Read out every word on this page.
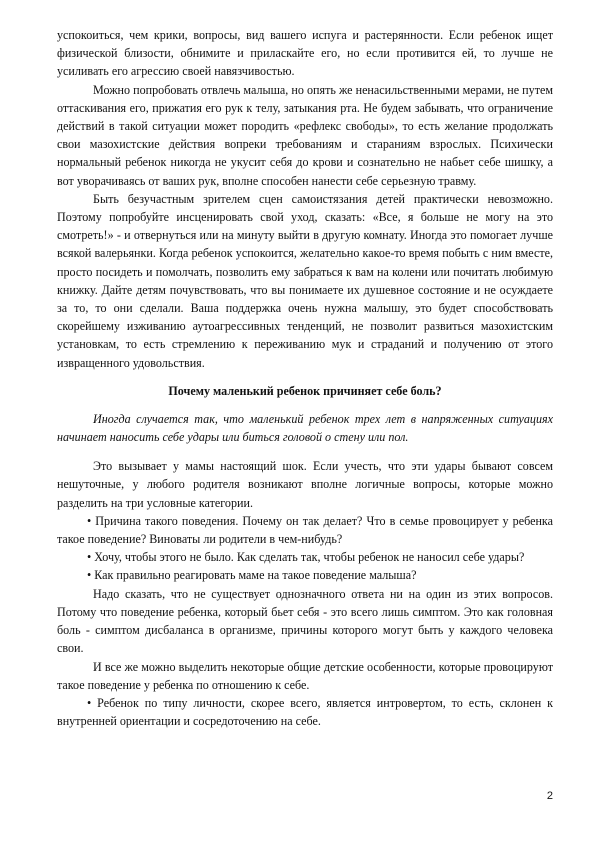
успокоиться, чем крики, вопросы, вид вашего испуга и растерянности. Если ребенок ищет физической близости, обнимите и приласкайте его, но если противится ей, то лучше не усиливать его агрессию своей навязчивостью.

Можно попробовать отвлечь малыша, но опять же ненасильственными мерами, не путем оттаскивания его, прижатия его рук к телу, затыкания рта. Не будем забывать, что ограничение действий в такой ситуации может породить «рефлекс свободы», то есть желание продолжать свои мазохистские действия вопреки требованиям и стараниям взрослых. Психически нормальный ребенок никогда не укусит себя до крови и сознательно не набьет себе шишку, а вот уворачиваясь от ваших рук, вполне способен нанести себе серьезную травму.

Быть безучастным зрителем сцен самоистязания детей практически невозможно. Поэтому попробуйте инсценировать свой уход, сказать: «Все, я больше не могу на это смотреть!» - и отвернуться или на минуту выйти в другую комнату. Иногда это помогает лучше всякой валерьянки. Когда ребенок успокоится, желательно какое-то время побыть с ним вместе, просто посидеть и помолчать, позволить ему забраться к вам на колени или почитать любимую книжку. Дайте детям почувствовать, что вы понимаете их душевное состояние и не осуждаете за то, то они сделали. Ваша поддержка очень нужна малышу, это будет способствовать скорейшему изживанию аутоагрессивных тенденций, не позволит развиться мазохистским установкам, то есть стремлению к переживанию мук и страданий и получению от этого извращенного удовольствия.

Почему маленький ребенок причиняет себе боль?

Иногда случается так, что маленький ребенок трех лет в напряженных ситуациях начинает наносить себе удары или биться головой о стену или пол.

Это вызывает у мамы настоящий шок. Если учесть, что эти удары бывают совсем нешуточные, у любого родителя возникают вполне логичные вопросы, которые можно разделить на три условные категории.

• Причина такого поведения. Почему он так делает? Что в семье провоцирует у ребенка такое поведение? Виноваты ли родители в чем-нибудь?

• Хочу, чтобы этого не было. Как сделать так, чтобы ребенок не наносил себе удары?

• Как правильно реагировать маме на такое поведение малыша?

Надо сказать, что не существует однозначного ответа ни на один из этих вопросов. Потому что поведение ребенка, который бьет себя - это всего лишь симптом. Это как головная боль - симптом дисбаланса в организме, причины которого могут быть у каждого человека свои.

И все же можно выделить некоторые общие детские особенности, которые провоцируют такое поведение у ребенка по отношению к себе.

• Ребенок по типу личности, скорее всего, является интровертом, то есть, склонен к внутренней ориентации и сосредоточению на себе.

2
